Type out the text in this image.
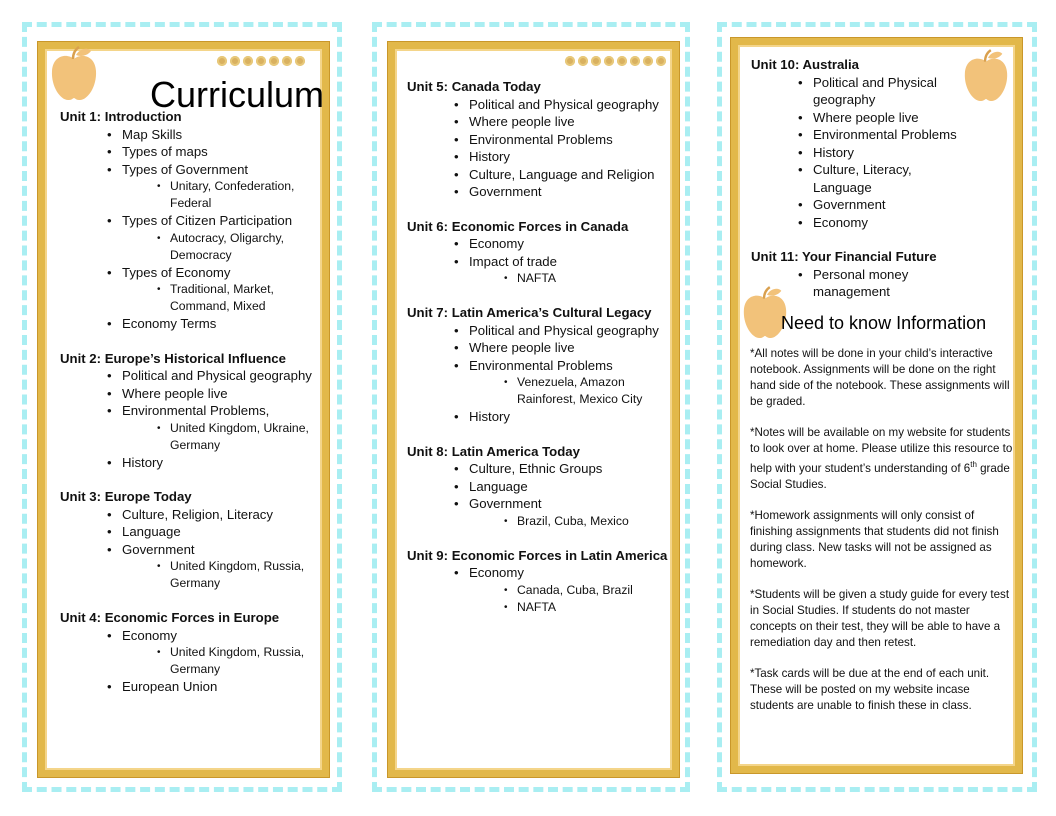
Curriculum
Unit 1: Introduction
• Map Skills
• Types of maps
• Types of Government
• Unitary, Confederation, Federal
• Types of Citizen Participation
• Autocracy, Oligarchy, Democracy
• Types of Economy
• Traditional, Market, Command, Mixed
• Economy Terms
Unit 2: Europe’s Historical Influence
• Political and Physical geography
• Where people live
• Environmental Problems,
• United Kingdom, Ukraine, Germany
• History
Unit 3: Europe Today
• Culture, Religion, Literacy
• Language
• Government
• United Kingdom, Russia, Germany
Unit 4: Economic Forces in Europe
• Economy
• United Kingdom, Russia, Germany
• European Union
Unit 5: Canada Today
• Political and Physical geography
• Where people live
• Environmental Problems
• History
• Culture, Language and Religion
• Government
Unit 6: Economic Forces in Canada
• Economy
• Impact of trade
• NAFTA
Unit 7: Latin America’s Cultural Legacy
• Political and Physical geography
• Where people live
• Environmental Problems
• Venezuela, Amazon Rainforest, Mexico City
• History
Unit 8: Latin America Today
• Culture, Ethnic Groups
• Language
• Government
• Brazil, Cuba, Mexico
Unit 9: Economic Forces in Latin America
• Economy
• Canada, Cuba, Brazil
• NAFTA
Unit 10: Australia
• Political and Physical geography
• Where people live
• Environmental Problems
• History
• Culture, Literacy, Language
• Government
• Economy
Unit 11: Your Financial Future
• Personal money management
Need to know Information

*All notes will be done in your child’s interactive notebook. Assignments will be done on the right hand side of the notebook. These assignments will be graded.

*Notes will be available on my website for students to look over at home. Please utilize this resource to help with your student’s understanding of 6th grade Social Studies.

*Homework assignments will only consist of finishing assignments that students did not finish during class. New tasks will not be assigned as homework.

*Students will be given a study guide for every test in Social Studies. If students do not master concepts on their test, they will be able to have a remediation day and then retest.

*Task cards will be due at the end of each unit. These will be posted on my website incase students are unable to finish these in class.
